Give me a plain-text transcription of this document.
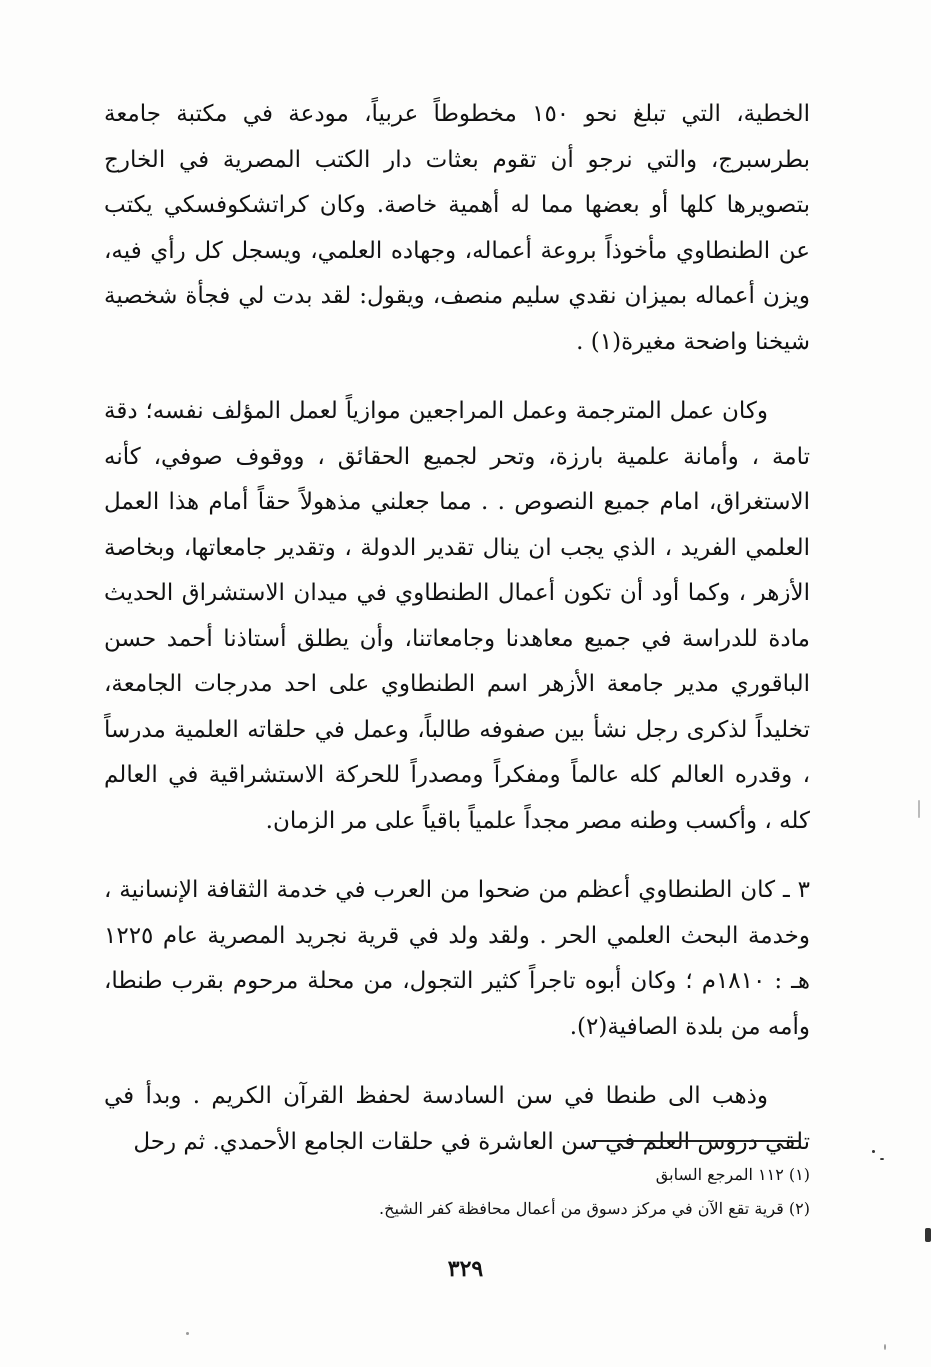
الخطية، التي تبلغ نحو ١٥٠ مخطوطاً عربياً، مودعة في مكتبة جامعة بطرسبرج، والتي نرجو أن تقوم بعثات دار الكتب المصرية في الخارج بتصويرها كلها أو بعضها مما له أهمية خاصة. وكان كراتشكوفسكي يكتب عن الطنطاوي مأخوذاً بروعة أعماله، وجهاده العلمي، ويسجل كل رأي فيه، ويزن أعماله بميزان نقدي سليم منصف، ويقول: لقد بدت لي فجأة شخصية شيخنا واضحة مغيرة(١) .

وكان عمل المترجمة وعمل المراجعين موازياً لعمل المؤلف نفسه؛ دقة تامة ، وأمانة علمية بارزة، وتحر لجميع الحقائق ، ووقوف صوفي، كأنه الاستغراق، امام جميع النصوص . . مما جعلني مذهولاً حقاً أمام هذا العمل العلمي الفريد ، الذي يجب ان ينال تقدير الدولة ، وتقدير جامعاتها، وبخاصة الأزهر ، وكما أود أن تكون أعمال الطنطاوي في ميدان الاستشراق الحديث مادة للدراسة في جميع معاهدنا وجامعاتنا، وأن يطلق أستاذنا أحمد حسن الباقوري مدير جامعة الأزهر اسم الطنطاوي على احد مدرجات الجامعة، تخليداً لذكرى رجل نشأ بين صفوفه طالباً، وعمل في حلقاته العلمية مدرساً ، وقدره العالم كله عالماً ومفكراً ومصدراً للحركة الاستشراقية في العالم كله ، وأكسب وطنه مصر مجداً علمياً باقياً على مر الزمان.

٣ ـ كان الطنطاوي أعظم من ضحوا من العرب في خدمة الثقافة الإنسانية ، وخدمة البحث العلمي الحر . ولقد ولد في قرية نجريد المصرية عام ١٢٢٥ هـ : ١٨١٠م ؛ وكان أبوه تاجراً كثير التجول، من محلة مرحوم بقرب طنطا، وأمه من بلدة الصافية(٢).

وذهب الى طنطا في سن السادسة لحفظ القرآن الكريم . وبدأ في تلقي دروس العلم في سن العاشرة في حلقات الجامع الأحمدي. ثم رحل

(١) ١١٢ المرجع السابق

(٢) قرية تقع الآن في مركز دسوق من أعمال محافظة كفر الشيخ.

٣٢٩
